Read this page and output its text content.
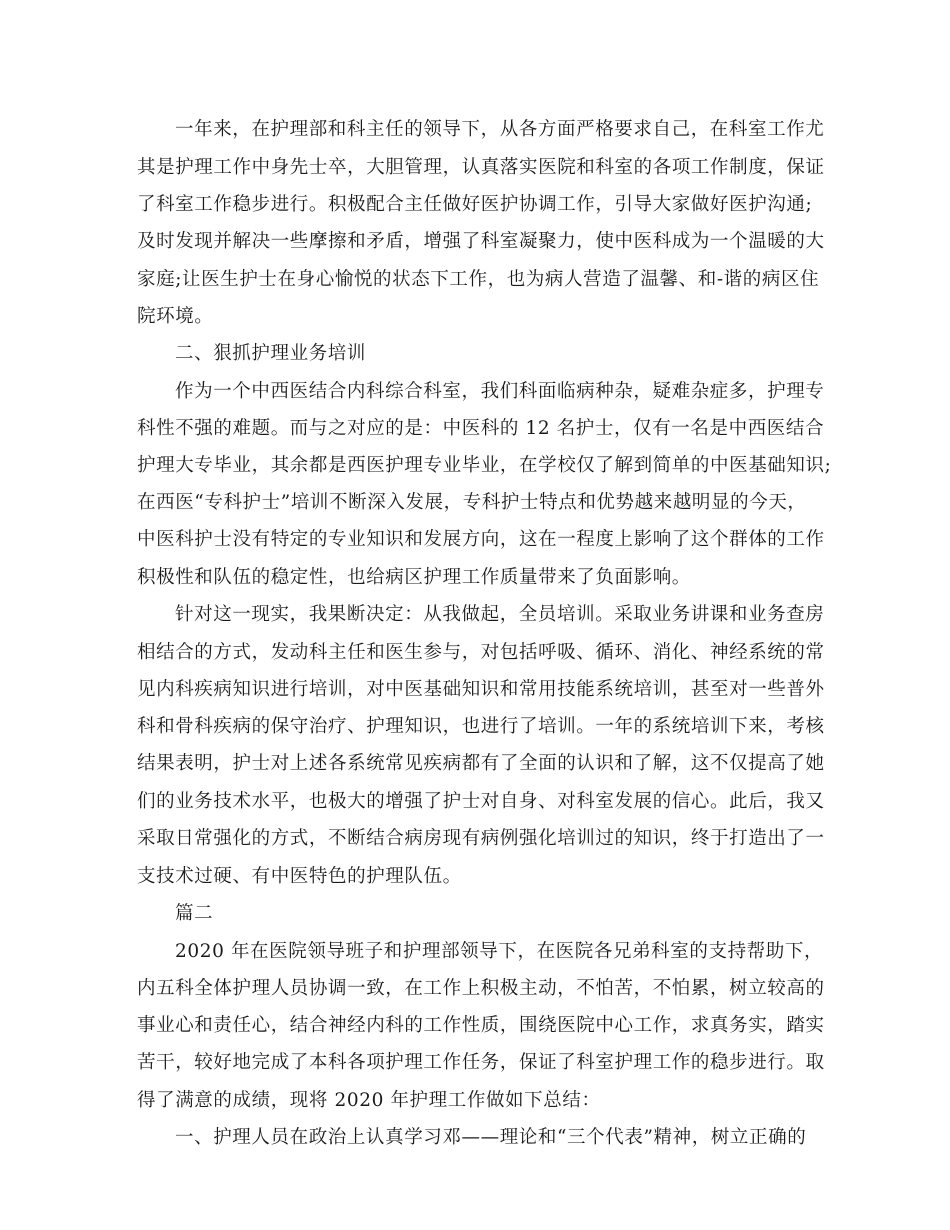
一年来，在护理部和科主任的领导下，从各方面严格要求自己，在科室工作尤
其是护理工作中身先士卒，大胆管理，认真落实医院和科室的各项工作制度，保证
了科室工作稳步进行。积极配合主任做好医护协调工作，引导大家做好医护沟通;
及时发现并解决一些摩擦和矛盾，增强了科室凝聚力，使中医科成为一个温暖的大
家庭;让医生护士在身心愉悦的状态下工作，也为病人营造了温馨、和-谐的病区住
院环境。
二、狠抓护理业务培训
作为一个中西医结合内科综合科室，我们科面临病种杂，疑难杂症多，护理专
科性不强的难题。而与之对应的是：中医科的 12 名护士，仅有一名是中西医结合
护理大专毕业，其余都是西医护理专业毕业，在学校仅了解到简单的中医基础知识;
在西医“专科护士”培训不断深入发展，专科护士特点和优势越来越明显的今天，
中医科护士没有特定的专业知识和发展方向，这在一程度上影响了这个群体的工作
积极性和队伍的稳定性，也给病区护理工作质量带来了负面影响。
针对这一现实，我果断决定：从我做起，全员培训。采取业务讲课和业务查房
相结合的方式，发动科主任和医生参与，对包括呼吸、循环、消化、神经系统的常
见内科疾病知识进行培训，对中医基础知识和常用技能系统培训，甚至对一些普外
科和骨科疾病的保守治疗、护理知识，也进行了培训。一年的系统培训下来，考核
结果表明，护士对上述各系统常见疾病都有了全面的认识和了解，这不仅提高了她
们的业务技术水平，也极大的增强了护士对自身、对科室发展的信心。此后，我又
采取日常强化的方式，不断结合病房现有病例强化培训过的知识，终于打造出了一
支技术过硬、有中医特色的护理队伍。
篇二
2020 年在医院领导班子和护理部领导下，在医院各兄弟科室的支持帮助下，
内五科全体护理人员协调一致，在工作上积极主动，不怕苦，不怕累，树立较高的
事业心和责任心，结合神经内科的工作性质，围绕医院中心工作，求真务实，踏实
苦干，较好地完成了本科各项护理工作任务，保证了科室护理工作的稳步进行。取
得了满意的成绩，现将 2020 年护理工作做如下总结：
一、护理人员在政治上认真学习邓——理论和“三个代表”精神，树立正确的
